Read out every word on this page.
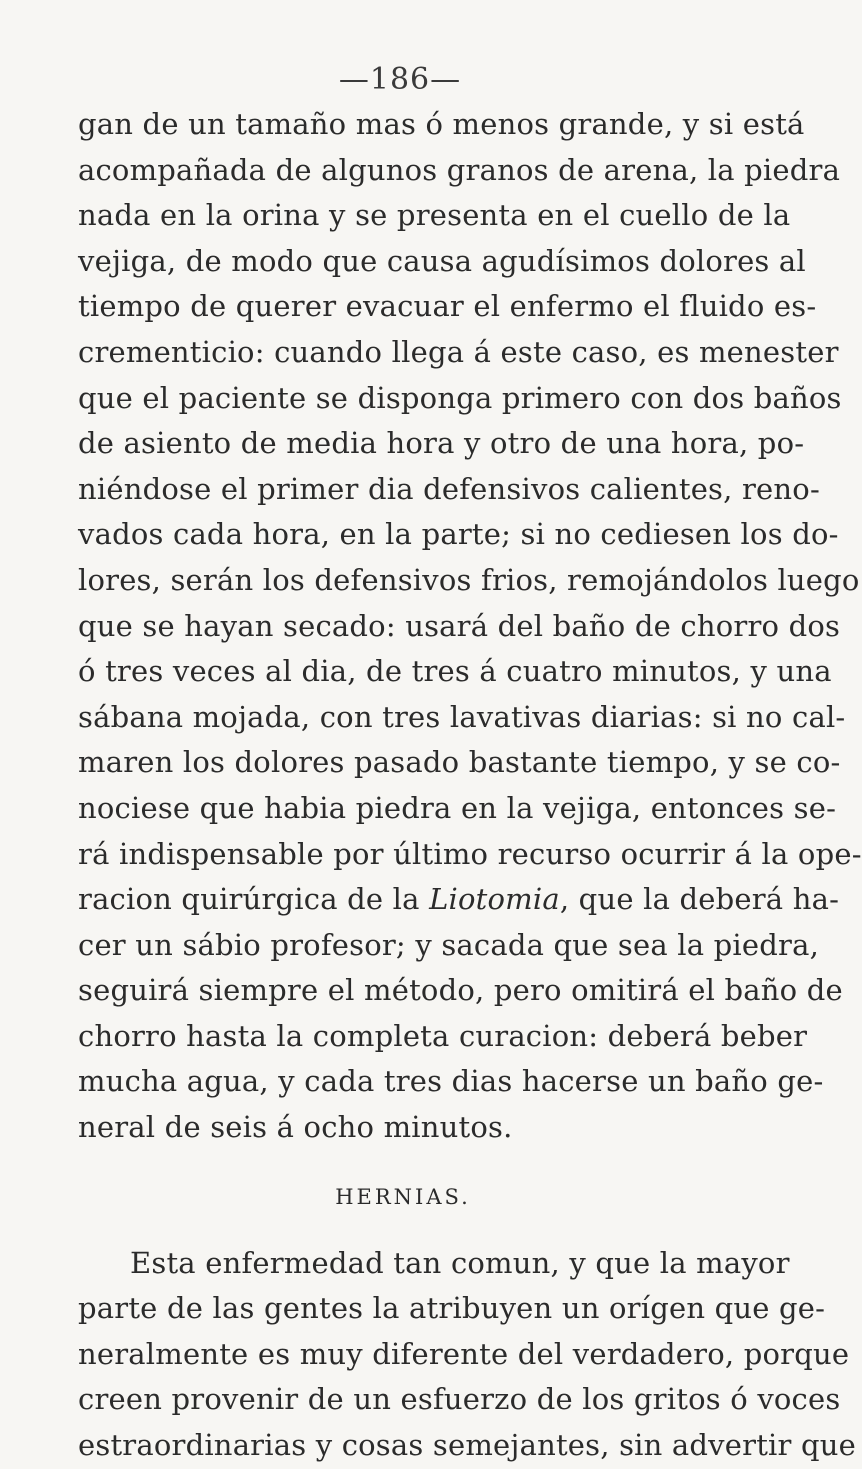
—186—
gan de un tamaño mas ó menos grande, y si está
acompañada de algunos granos de arena, la piedra
nada en la orina y se presenta en el cuello de la
vejiga, de modo que causa agudísimos dolores al
tiempo de querer evacuar el enfermo el fluido es-
crementicio: cuando llega á este caso, es menester
que el paciente se disponga primero con dos baños
de asiento de media hora y otro de una hora, po-
niéndose el primer dia defensivos calientes, reno-
vados cada hora, en la parte; si no cediesen los do-
lores, serán los defensivos frios, remojándolos luego
que se hayan secado: usará del baño de chorro dos
ó tres veces al dia, de tres á cuatro minutos, y una
sábana mojada, con tres lavativas diarias: si no cal-
maren los dolores pasado bastante tiempo, y se co-
nociese que habia piedra en la vejiga, entonces se-
rá indispensable por último recurso ocurrir á la ope-
racion quirúrgica de la Liotomia, que la deberá ha-
cer un sábio profesor; y sacada que sea la piedra,
seguirá siempre el método, pero omitirá el baño de
chorro hasta la completa curacion: deberá beber
mucha agua, y cada tres dias hacerse un baño ge-
neral de seis á ocho minutos.
HERNIAS.
Esta enfermedad tan comun, y que la mayor
parte de las gentes la atribuyen un orígen que ge-
neralmente es muy diferente del verdadero, porque
creen provenir de un esfuerzo de los gritos ó voces
estraordinarias y cosas semejantes, sin advertir que
